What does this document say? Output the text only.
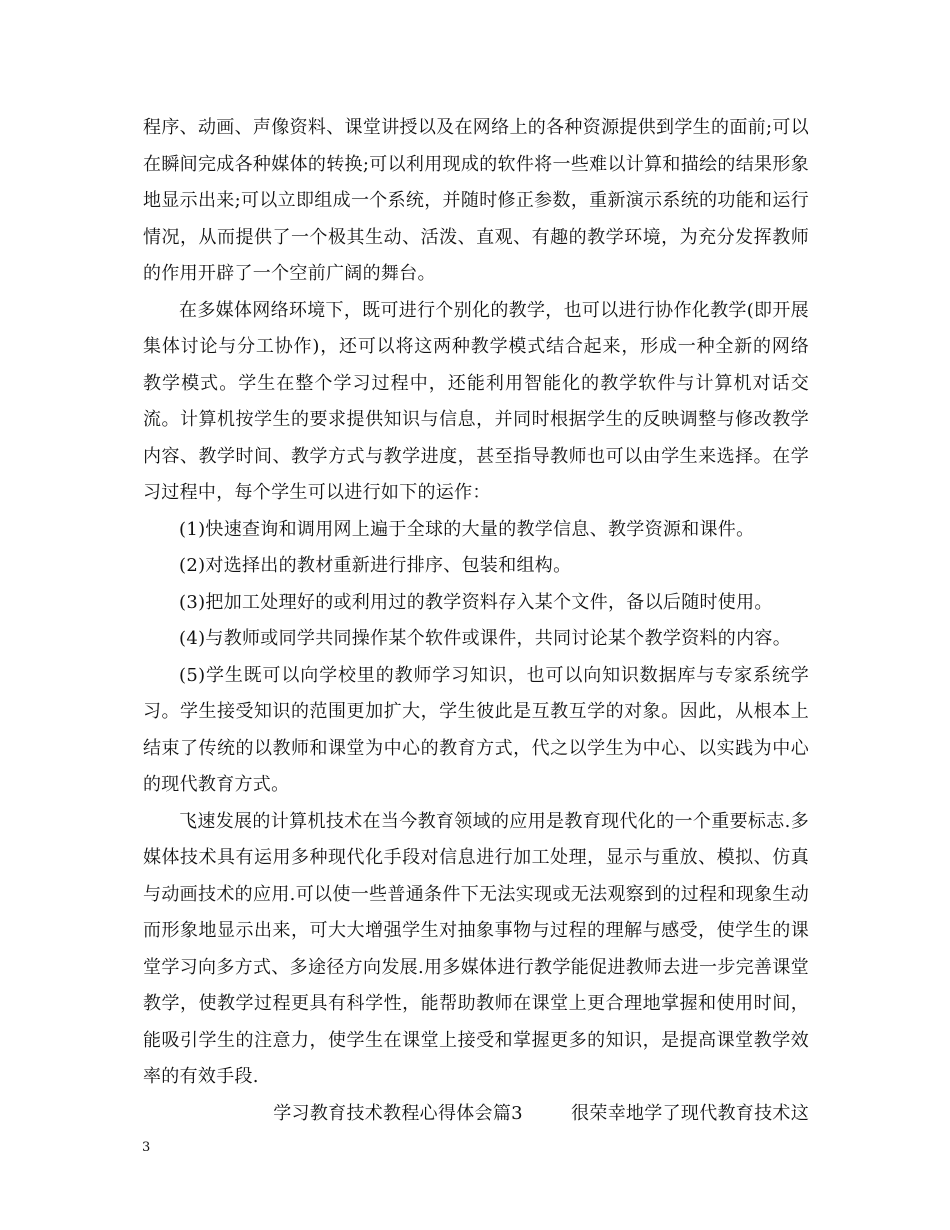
程序、动画、声像资料、课堂讲授以及在网络上的各种资源提供到学生的面前;可以在瞬间完成各种媒体的转换;可以利用现成的软件将一些难以计算和描绘的结果形象地显示出来;可以立即组成一个系统，并随时修正参数，重新演示系统的功能和运行情况，从而提供了一个极其生动、活泼、直观、有趣的教学环境，为充分发挥教师的作用开辟了一个空前广阔的舞台。

在多媒体网络环境下，既可进行个别化的教学，也可以进行协作化教学(即开展集体讨论与分工协作)，还可以将这两种教学模式结合起来，形成一种全新的网络教学模式。学生在整个学习过程中，还能利用智能化的教学软件与计算机对话交流。计算机按学生的要求提供知识与信息，并同时根据学生的反映调整与修改教学内容、教学时间、教学方式与教学进度，甚至指导教师也可以由学生来选择。在学习过程中，每个学生可以进行如下的运作：

(1)快速查询和调用网上遍于全球的大量的教学信息、教学资源和课件。

(2)对选择出的教材重新进行排序、包装和组构。

(3)把加工处理好的或利用过的教学资料存入某个文件，备以后随时使用。

(4)与教师或同学共同操作某个软件或课件，共同讨论某个教学资料的内容。

(5)学生既可以向学校里的教师学习知识，也可以向知识数据库与专家系统学习。学生接受知识的范围更加扩大，学生彼此是互教互学的对象。因此，从根本上结束了传统的以教师和课堂为中心的教育方式，代之以学生为中心、以实践为中心的现代教育方式。

飞速发展的计算机技术在当今教育领域的应用是教育现代化的一个重要标志.多媒体技术具有运用多种现代化手段对信息进行加工处理，显示与重放、模拟、仿真与动画技术的应用.可以使一些普通条件下无法实现或无法观察到的过程和现象生动而形象地显示出来，可大大增强学生对抽象事物与过程的理解与感受，使学生的课堂学习向多方式、多途径方向发展.用多媒体进行教学能促进教师去进一步完善课堂教学，使教学过程更具有科学性，能帮助教师在课堂上更合理地掌握和使用时间，能吸引学生的注意力，使学生在课堂上接受和掌握更多的知识，是提高课堂教学效率的有效手段.

学习教育技术教程心得体会篇3	很荣幸地学了现代教育技术这

3
